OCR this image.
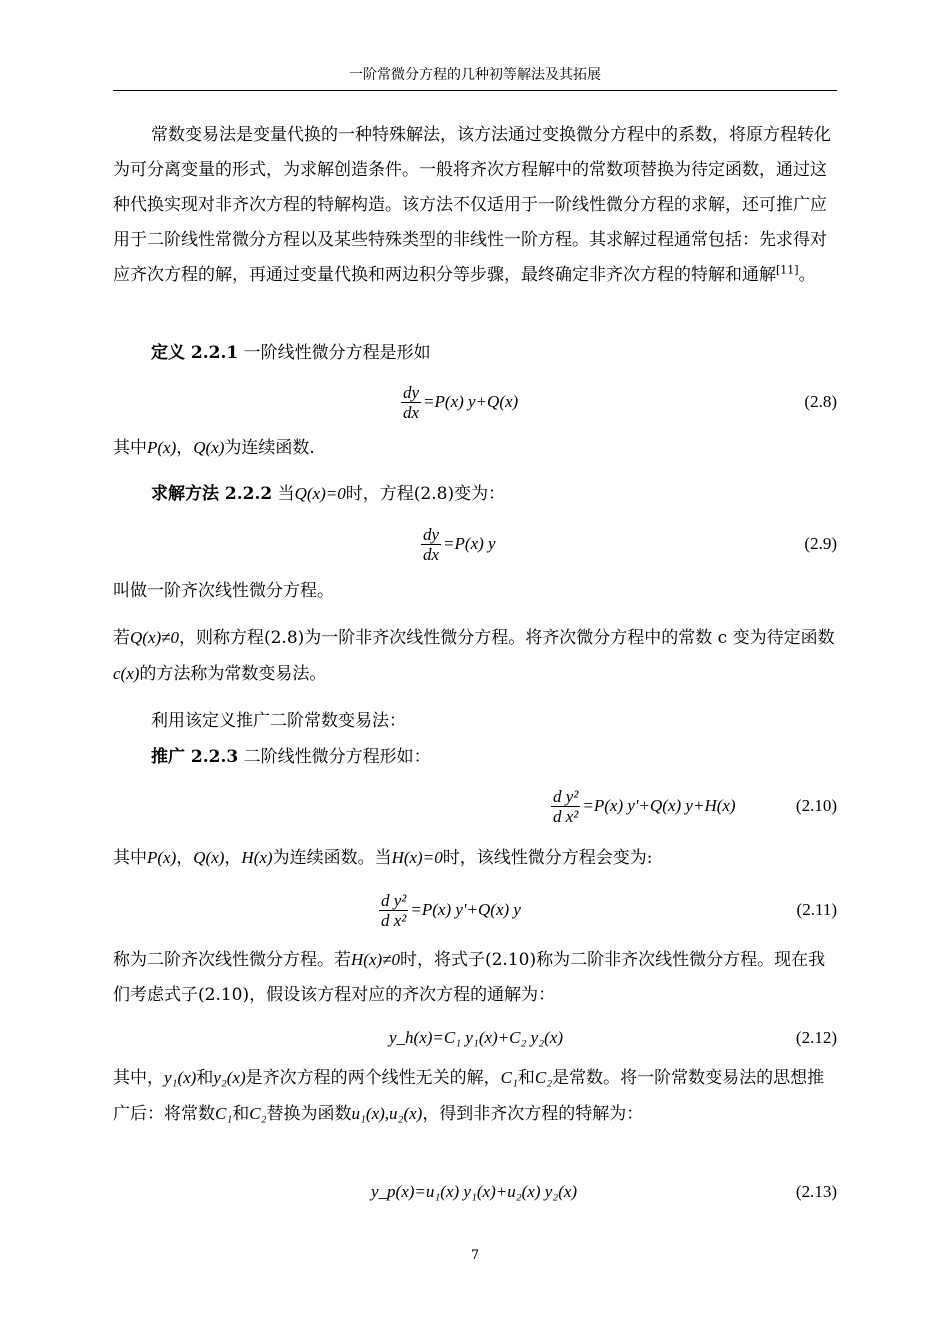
一阶常微分方程的几种初等解法及其拓展
常数变易法是变量代换的一种特殊解法，该方法通过变换微分方程中的系数，将原方程转化为可分离变量的形式，为求解创造条件。一般将齐次方程解中的常数项替换为待定函数，通过这种代换实现对非齐次方程的特解构造。该方法不仅适用于一阶线性微分方程的求解，还可推广应用于二阶线性常微分方程以及某些特殊类型的非线性一阶方程。其求解过程通常包括：先求得对应齐次方程的解，再通过变量代换和两边积分等步骤，最终确定非齐次方程的特解和通解[11]。
定义 2.2.1 一阶线性微分方程是形如
$\frac{dy}{dx} =P(x)$ y+Q(x)	(2.8)
其中P(x)，Q(x)为连续函数.
求解方法 2.2.2 当Q(x)=0时，方程(2.8)变为：
$\frac{dy}{dx} =P(x)$ y	(2.9)
叫做一阶齐次线性微分方程。
若Q(x)≠0，则称方程(2.8)为一阶非齐次线性微分方程。将齐次微分方程中的常数 c 变为待定函数c(x)的方法称为常数变易法。
利用该定义推广二阶常数变易法：
推广 2.2.3 二阶线性微分方程形如：
$\frac{\text{d y²}}{\text{d x²}} =P(x)$ y'+Q(x) y+H(x)	(2.10)
其中P(x)，Q(x)，H(x)为连续函数。当H(x)=0时，该线性微分方程会变为:
$\frac{\text{d y²}}{\text{d x²}} =P(x)$ y'+Q(x) y	(2.11)
称为二阶齐次线性微分方程。若H(x)≠0时，将式子(2.10)称为二阶非齐次线性微分方程。现在我们考虑式子(2.10)，假设该方程对应的齐次方程的通解为：
y_h(x)=C₁ y₁(x)+C₂ y₂(x)	(2.12)
其中，y₁(x)和y₂(x)是齐次方程的两个线性无关的解，C₁和C₂是常数。将一阶常数变易法的思想推广后：将常数C₁和C₂替换为函数u₁(x),u₂(x)，得到非齐次方程的特解为：
y_p(x)=u₁(x) y₁(x)+u₂(x) y₂(x)	(2.13)
7
